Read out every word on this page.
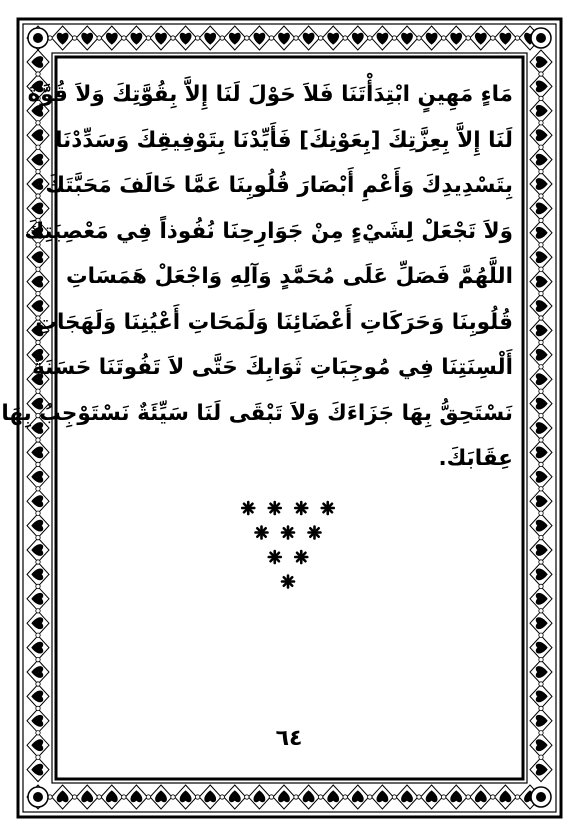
مَاءٍ مَهِينٍ ابْتِدَأْتَنَا فَلاَ حَوْلَ لَنَا إِلاَّ بِقُوَّتِكَ وَلاَ قُوَّةَ
لَنَا إِلاَّ بِعِزَّتِكَ [بِعَوْنِكَ] فَأَيِّدْنَا بِتَوْفِيقِكَ وَسَدِّدْنَا
بِتَسْدِيدِكَ وَأَعْمِ أَبْصَارَ قُلُوبِنَا عَمَّا خَالَفَ مَحَبَّتَكَ
وَلاَ تَجْعَلْ لِشَيْءٍ مِنْ جَوَارِحِنَا نُفُوذاً فِي مَعْصِيَتِكَ
اللَّهُمَّ فَصَلِّ عَلَى مُحَمَّدٍ وَآلِهِ وَاجْعَلْ هَمَسَاتِ
قُلُوبِنَا وَحَرَكَاتِ أَعْضَائِنَا وَلَمَحَاتِ أَعْيُنِنَا وَلَهَجَاتِ
أَلْسِنَتِنَا فِي مُوجِبَاتِ ثَوَابِكَ حَتَّى لاَ تَفُوتَنَا حَسَنَةٌ
نَسْتَحِقُّ بِهَا جَزَاءَكَ وَلاَ تَبْقَى لَنَا سَيِّئَةٌ نَسْتَوْجِبُ بِهَا
عِقَابَكَ.
٦٤
